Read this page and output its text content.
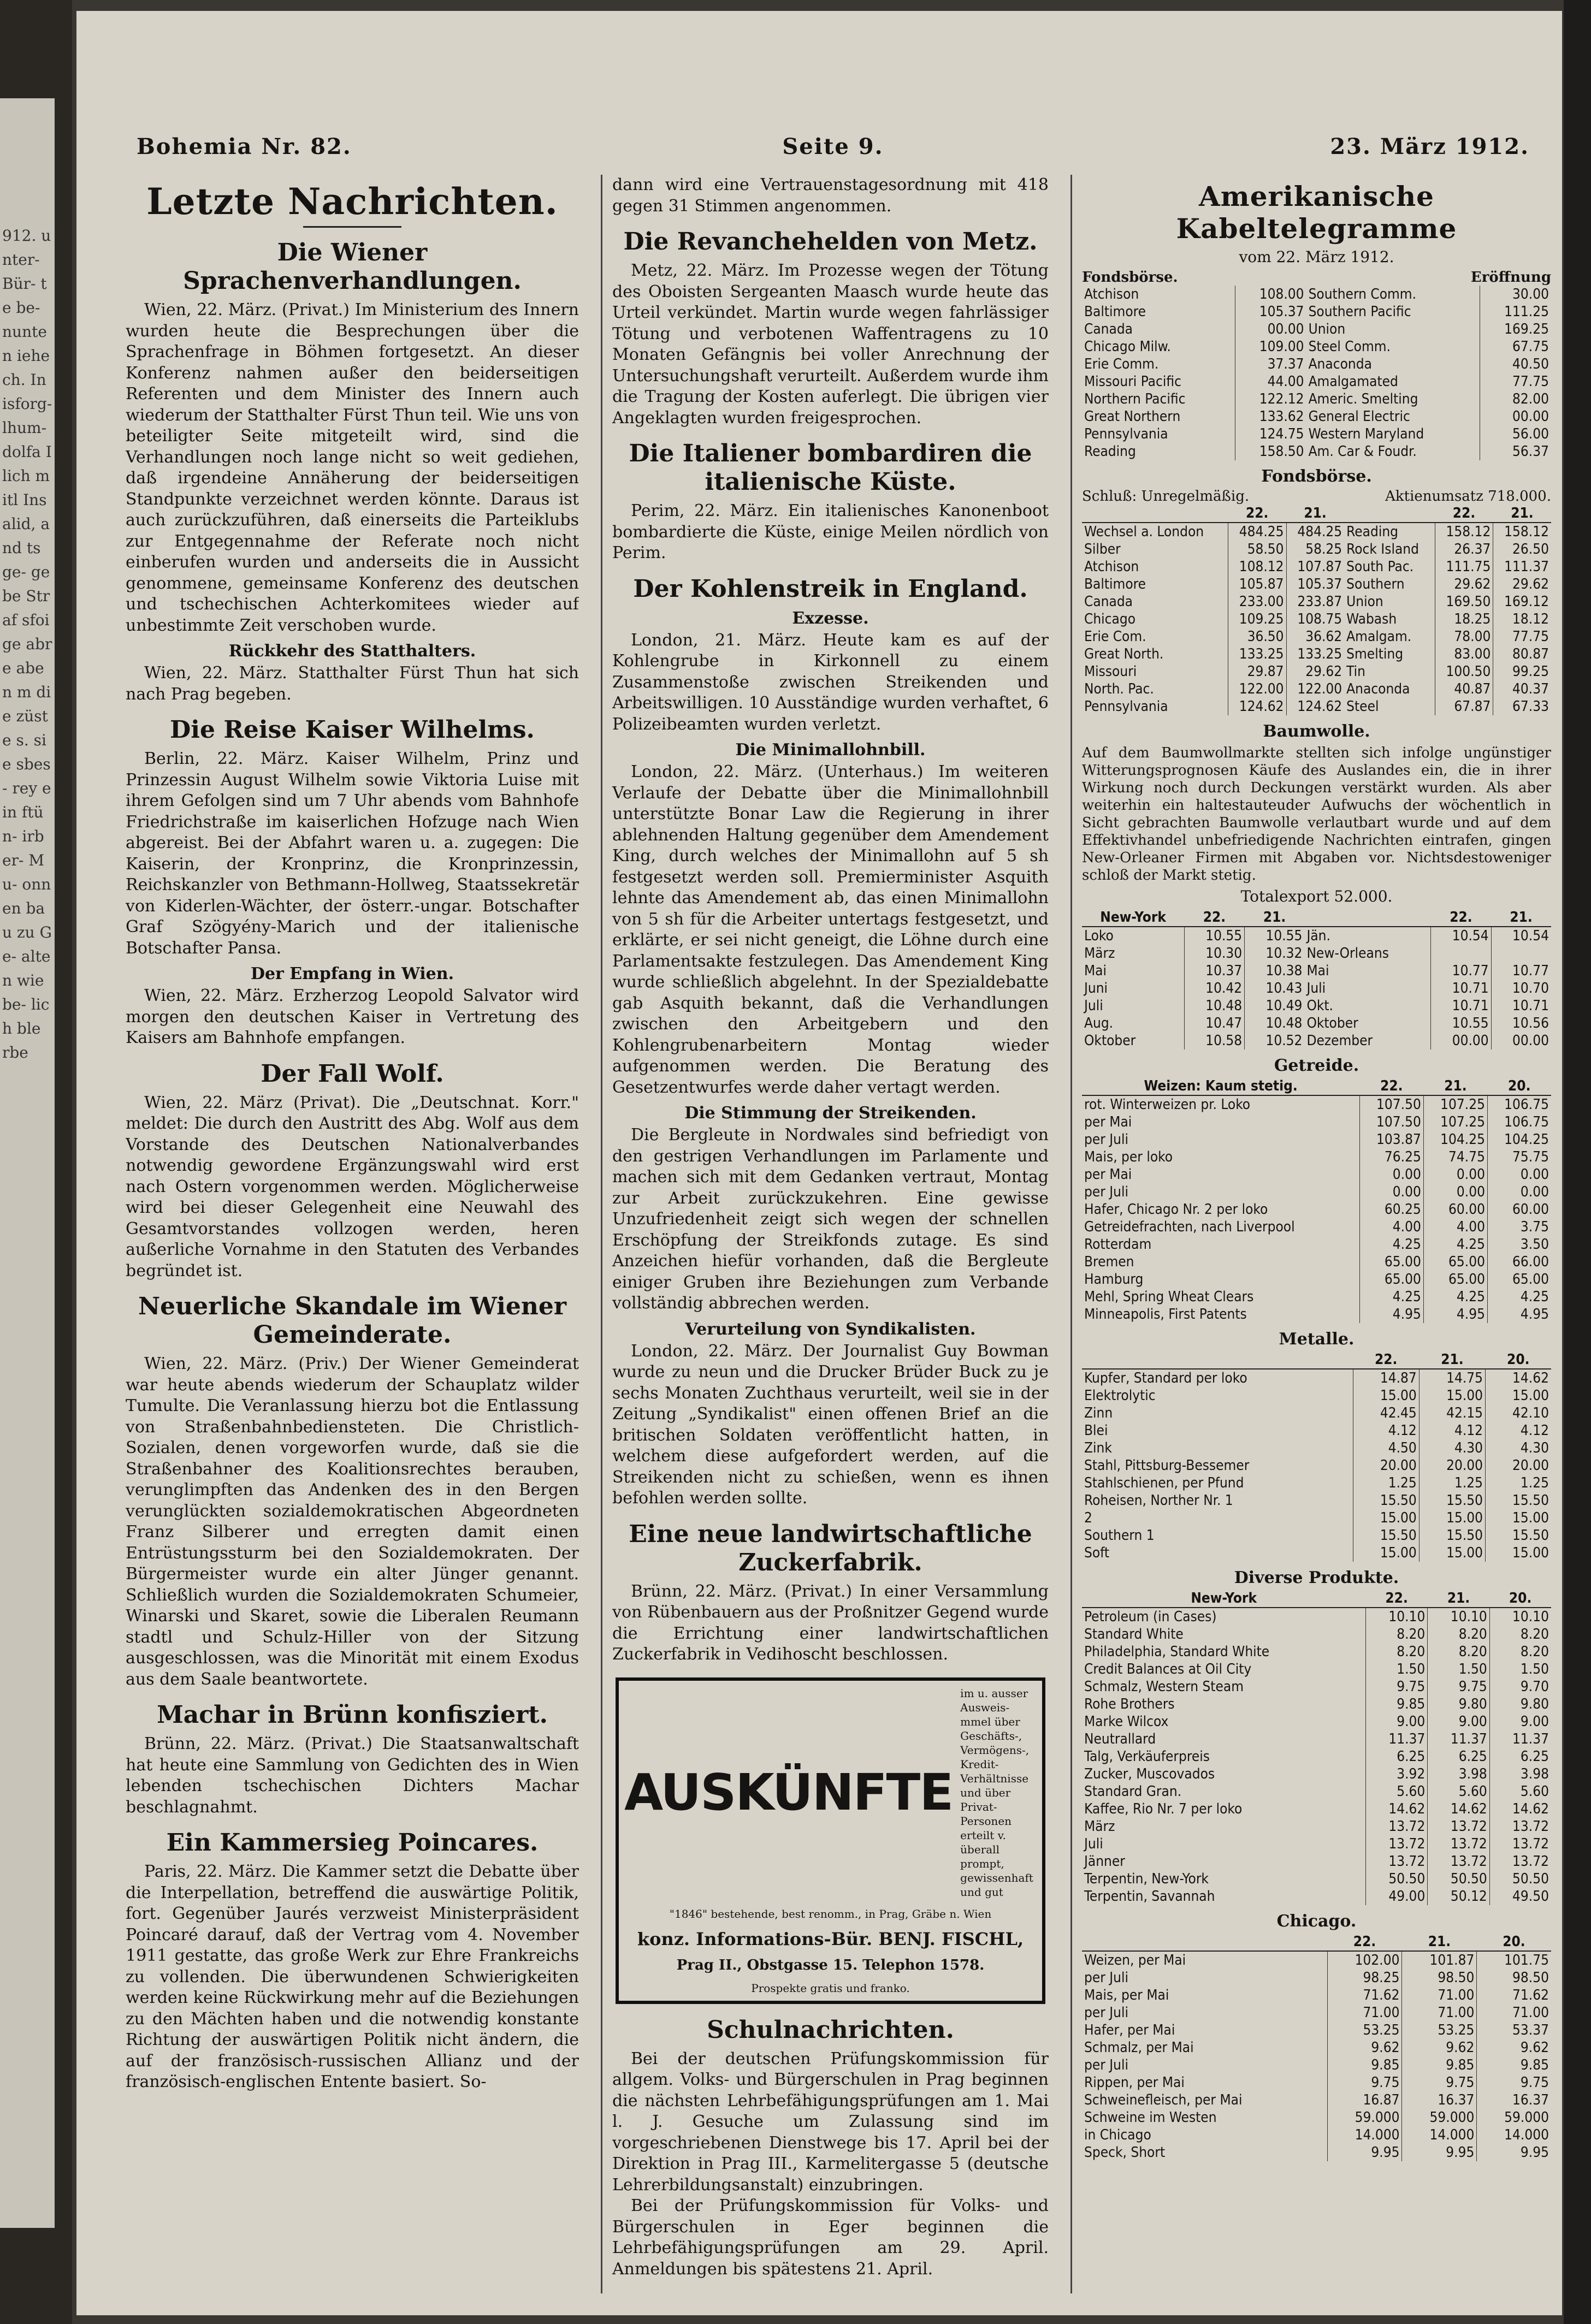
912. unter- Bür- te be- nunten iehe ch. In isforg- lhum- dolfa Ilich mitl Ins alid, and ts ge- gebe Straf sfoige abre aben m die züste s. sie sbes- rey e in ftün- irber- Mu- onnen bau zu Ge- alten wie be- lich ble rbe
Bohemia Nr. 82.	Seite 9.	23. März 1912.
Letzte Nachrichten.
Die Wiener Sprachenverhandlungen.

Wien, 22. März. (Privat.) Im Ministerium des Innern wurden heute die Besprechungen über die Sprachenfrage in Böhmen fortgesetzt. An dieser Konferenz nahmen außer den beiderseitigen Referenten und dem Minister des Innern auch wiederum der Statthalter Fürst Thun teil. Wie uns von beteiligter Seite mitgeteilt wird, sind die Verhandlungen noch lange nicht so weit gediehen, daß irgendeine Annäherung der beiderseitigen Standpunkte verzeichnet werden könnte. Daraus ist auch zurückzuführen, daß einerseits die Parteiklubs zur Entgegennahme der Referate noch nicht einberufen wurden und anderseits die in Aussicht genommene, gemeinsame Konferenz des deutschen und tschechischen Achterkomitees wieder auf unbestimmte Zeit verschoben wurde.

Rückkehr des Statthalters.

Wien, 22. März. Statthalter Fürst Thun hat sich nach Prag begeben.

Die Reise Kaiser Wilhelms.

Berlin, 22. März. Kaiser Wilhelm, Prinz und Prinzessin August Wilhelm sowie Viktoria Luise mit ihrem Gefolgen sind um 7 Uhr abends vom Bahnhofe Friedrichstraße im kaiserlichen Hofzuge nach Wien abgereist. Bei der Abfahrt waren u. a. zugegen: Die Kaiserin, der Kronprinz, die Kronprinzessin, Reichskanzler von Bethmann-Hollweg, Staatssekretär von Kiderlen-Wächter, der österr.-ungar. Botschafter Graf Szögyény-Marich und der italienische Botschafter Pansa.

Der Empfang in Wien.

Wien, 22. März. Erzherzog Leopold Salvator wird morgen den deutschen Kaiser in Vertretung des Kaisers am Bahnhofe empfangen.

Der Fall Wolf.

Wien, 22. März (Privat). Die „Deutschnat. Korr." meldet: Die durch den Austritt des Abg. Wolf aus dem Vorstande des Deutschen Nationalverbandes notwendig gewordene Ergänzungswahl wird erst nach Ostern vorgenommen werden. Möglicherweise wird bei dieser Gelegenheit eine Neuwahl des Gesamtvorstandes vollzogen werden, heren außerliche Vornahme in den Statuten des Verbandes begründet ist.

Neuerliche Skandale im Wiener Gemeinderate.

Wien, 22. März. (Priv.) Der Wiener Gemeinderat war heute abends wiederum der Schauplatz wilder Tumulte. Die Veranlassung hierzu bot die Entlassung von Straßenbahnbediensteten. Die Christlich-Sozialen, denen vorgeworfen wurde, daß sie die Straßenbahner des Koalitionsrechtes berauben, verunglimpften das Andenken des in den Bergen verunglückten sozialdemokratischen Abgeordneten Franz Silberer und erregten damit einen Entrüstungssturm bei den Sozialdemokraten. Der Bürgermeister wurde ein alter Jünger genannt. Schließlich wurden die Sozialdemokraten Schumeier, Winarski und Skaret, sowie die Liberalen Reumann stadtl und Schulz-Hiller von der Sitzung ausgeschlossen, was die Minorität mit einem Exodus aus dem Saale beantwortete.

Machar in Brünn konfisziert.

Brünn, 22. März. (Privat.) Die Staatsanwaltschaft hat heute eine Sammlung von Gedichten des in Wien lebenden tschechischen Dichters Machar beschlagnahmt.

Ein Kammersieg Poincares.

Paris, 22. März. Die Kammer setzt die Debatte über die Interpellation, betreffend die auswärtige Politik, fort. Gegenüber Jaurés verzweist Ministerpräsident Poincaré darauf, daß der Vertrag vom 4. November 1911 gestatte, das große Werk zur Ehre Frankreichs zu vollenden. Die überwundenen Schwierigkeiten werden keine Rückwirkung mehr auf die Beziehungen zu den Mächten haben und die notwendig konstante Richtung der auswärtigen Politik nicht ändern, die auf der französisch-russischen Allianz und der französisch-englischen Entente basiert. So-

dann wird eine Vertrauenstagesordnung mit 418 gegen 31 Stimmen angenommen.

Die Revanchehelden von Metz.

Metz, 22. März. Im Prozesse wegen der Tötung des Oboisten Sergeanten Maasch wurde heute das Urteil verkündet. Martin wurde wegen fahrlässiger Tötung und verbotenen Waffentragens zu 10 Monaten Gefängnis bei voller Anrechnung der Untersuchungshaft verurteilt. Außerdem wurde ihm die Tragung der Kosten auferlegt. Die übrigen vier Angeklagten wurden freigesprochen.

Die Italiener bombardiren die italienische Küste.

Perim, 22. März. Ein italienisches Kanonenboot bombardierte die Küste, einige Meilen nördlich von Perim.

Der Kohlenstreik in England.
Exzesse.

London, 21. März. Heute kam es auf der Kohlengrube in Kirkonnell zu einem Zusammenstoße zwischen Streikenden und Arbeitswilligen. 10 Ausständige wurden verhaftet, 6 Polizeibeamten wurden verletzt.

Die Minimallohnbill.

London, 22. März. (Unterhaus.) Im weiteren Verlaufe der Debatte über die Minimallohnbill unterstützte Bonar Law die Regierung in ihrer ablehnenden Haltung gegenüber dem Amendement King, durch welches der Minimallohn auf 5 sh festgesetzt werden soll. Premierminister Asquith lehnte das Amendement ab, das einen Minimallohn von 5 sh für die Arbeiter untertags festgesetzt, und erklärte, er sei nicht geneigt, die Löhne durch eine Parlamentsakte festzulegen. Das Amendement King wurde schließlich abgelehnt. In der Spezialdebatte gab Asquith bekannt, daß die Verhandlungen zwischen den Arbeitgebern und den Kohlengrubenarbeitern Montag wieder aufgenommen werden. Die Beratung des Gesetzentwurfes werde daher vertagt werden.

Die Stimmung der Streikenden.

Die Bergleute in Nordwales sind befriedigt von den gestrigen Verhandlungen im Parlamente und machen sich mit dem Gedanken vertraut, Montag zur Arbeit zurückzukehren. Eine gewisse Unzufriedenheit zeigt sich wegen der schnellen Erschöpfung der Streikfonds zutage. Es sind Anzeichen hiefür vorhanden, daß die Bergleute einiger Gruben ihre Beziehungen zum Verbande vollständig abbrechen werden.

Verurteilung von Syndikalisten.

London, 22. März. Der Journalist Guy Bowman wurde zu neun und die Drucker Brüder Buck zu je sechs Monaten Zuchthaus verurteilt, weil sie in der Zeitung „Syndikalist" einen offenen Brief an die britischen Soldaten veröffentlicht hatten, in welchem diese aufgefordert werden, auf die Streikenden nicht zu schießen, wenn es ihnen befohlen werden sollte.

Eine neue landwirtschaftliche Zuckerfabrik.

Brünn, 22. März. (Privat.) In einer Versammlung von Rübenbauern aus der Proßnitzer Gegend wurde die Errichtung einer landwirtschaftlichen Zuckerfabrik in Vedihoscht beschlossen.

AUSKÜNFTE
im u. ausser Ausweis- mmel über Geschäfts-, Vermögens-, Kredit- Verhältnisse und über Privat-Personen erteilt v. überall prompt, gewissenhaft und gut
"1846" bestehende, best renomm., in Prag, Gräbe n. Wien
konz. Informations-Bür. BENJ. FISCHL,
Prag II., Obstgasse 15. Telephon 1578.
Prospekte gratis und franko.
Schulnachrichten.

Bei der deutschen Prüfungskommission für allgem. Volks- und Bürgerschulen in Prag beginnen die nächsten Lehrbefähigungsprüfungen am 1. Mai l. J. Gesuche um Zulassung sind im vorgeschriebenen Dienstwege bis 17. April bei der Direktion in Prag III., Karmelitergasse 5 (deutsche Lehrerbildungsanstalt) einzubringen.

Bei der Prüfungskommission für Volks- und Bürgerschulen in Eger beginnen die Lehrbefähigungsprüfungen am 29. April. Anmeldungen bis spätestens 21. April.

Amerikanische Kabeltelegramme
vom 22. März 1912.
Fondsbörse.	Eröffnung
Atchison	108.00	Southern Comm.	30.00
Baltimore	105.37	Southern Pacific	111.25
Canada	00.00	Union	169.25
Chicago Milw.	109.00	Steel Comm.	67.75
Erie Comm.	37.37	Anaconda	40.50
Missouri Pacific	44.00	Amalgamated	77.75
Northern Pacific	122.12	Americ. Smelting	82.00
Great Northern	133.62	General Electric	00.00
Pennsylvania	124.75	Western Maryland	56.00
Reading	158.50	Am. Car & Foudr.	56.37
Fondsbörse.
Schluß: Unregelmäßig.	Aktienumsatz 718.000.
	22.	21.		22.	21.
Wechsel a. London	484.25	484.25	Reading	158.12	158.12
Silber	58.50	58.25	Rock Island	26.37	26.50
Atchison	108.12	107.87	South Pac.	111.75	111.37
Baltimore	105.87	105.37	Southern	29.62	29.62
Canada	233.00	233.87	Union	169.50	169.12
Chicago	109.25	108.75	Wabash	18.25	18.12
Erie Com.	36.50	36.62	Amalgam.	78.00	77.75
Great North.	133.25	133.25	Smelting	83.00	80.87
Missouri	29.87	29.62	Tin	100.50	99.25
North. Pac.	122.00	122.00	Anaconda	40.87	40.37
Pennsylvania	124.62	124.62	Steel	67.87	67.33
Baumwolle.
Auf dem Baumwollmarkte stellten sich infolge ungünstiger Witterungsprognosen Käufe des Auslandes ein, die in ihrer Wirkung noch durch Deckungen verstärkt wurden. Als aber weiterhin ein haltestauteuder Aufwuchs der wöchentlich in Sicht gebrachten Baumwolle verlautbart wurde und auf dem Effektivhandel unbefriedigende Nachrichten eintrafen, gingen New-Orleaner Firmen mit Abgaben vor. Nichtsdestoweniger schloß der Markt stetig.
Totalexport 52.000.
New-York	22.	21.		22.	21.
Loko	10.55	10.55	Jän.	10.54	10.54
März	10.30	10.32	New-Orleans		
Mai	10.37	10.38	Mai	10.77	10.77
Juni	10.42	10.43	Juli	10.71	10.70
Juli	10.48	10.49	Okt.	10.71	10.71
Aug.	10.47	10.48	Oktober	10.55	10.56
Oktober	10.58	10.52	Dezember	00.00	00.00
Getreide.
Weizen: Kaum stetig.	22.	21.	20.
rot. Winterweizen pr. Loko	107.50	107.25	106.75
per Mai	107.50	107.25	106.75
per Juli	103.87	104.25	104.25
Mais, per loko	76.25	74.75	75.75
per Mai	0.00	0.00	0.00
per Juli	0.00	0.00	0.00
Hafer, Chicago Nr. 2 per loko	60.25	60.00	60.00
Getreidefrachten, nach Liverpool	4.00	4.00	3.75
Rotterdam	4.25	4.25	3.50
Bremen	65.00	65.00	66.00
Hamburg	65.00	65.00	65.00
Mehl, Spring Wheat Clears	4.25	4.25	4.25
Minneapolis, First Patents	4.95	4.95	4.95
Metalle.
	22.	21.	20.
Kupfer, Standard per loko	14.87	14.75	14.62
Elektrolytic	15.00	15.00	15.00
Zinn	42.45	42.15	42.10
Blei	4.12	4.12	4.12
Zink	4.50	4.30	4.30
Stahl, Pittsburg-Bessemer	20.00	20.00	20.00
Stahlschienen, per Pfund	1.25	1.25	1.25
Roheisen, Norther Nr. 1	15.50	15.50	15.50
2	15.00	15.00	15.00
Southern 1	15.50	15.50	15.50
Soft	15.00	15.00	15.00
Diverse Produkte.
New-York	22.	21.	20.
Petroleum (in Cases)	10.10	10.10	10.10
Standard White	8.20	8.20	8.20
Philadelphia, Standard White	8.20	8.20	8.20
Credit Balances at Oil City	1.50	1.50	1.50
Schmalz, Western Steam	9.75	9.75	9.70
Rohe Brothers	9.85	9.80	9.80
Marke Wilcox	9.00	9.00	9.00
Neutrallard	11.37	11.37	11.37
Talg, Verkäuferpreis	6.25	6.25	6.25
Zucker, Muscovados	3.92	3.98	3.98
Standard Gran.	5.60	5.60	5.60
Kaffee, Rio Nr. 7 per loko	14.62	14.62	14.62
März	13.72	13.72	13.72
Juli	13.72	13.72	13.72
Jänner	13.72	13.72	13.72
Terpentin, New-York	50.50	50.50	50.50
Terpentin, Savannah	49.00	50.12	49.50
Chicago.
	22.	21.	20.
Weizen, per Mai	102.00	101.87	101.75
per Juli	98.25	98.50	98.50
Mais, per Mai	71.62	71.00	71.62
per Juli	71.00	71.00	71.00
Hafer, per Mai	53.25	53.25	53.37
Schmalz, per Mai	9.62	9.62	9.62
per Juli	9.85	9.85	9.85
Rippen, per Mai	9.75	9.75	9.75
Schweinefleisch, per Mai	16.87	16.37	16.37
Schweine im Westen	59.000	59.000	59.000
in Chicago	14.000	14.000	14.000
Speck, Short	9.95	9.95	9.95
